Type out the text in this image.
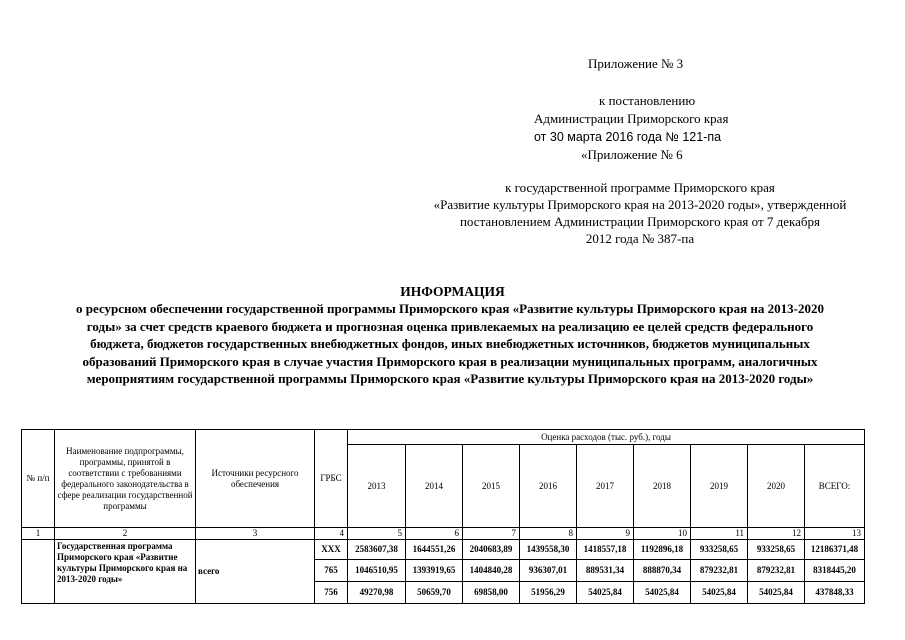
Приложение № 3
к постановлению
Администрации Приморского края
от 30 марта 2016 года № 121-па
«Приложение № 6
к государственной программе Приморского края
«Развитие культуры Приморского края на 2013-2020 годы», утвержденной
постановлением Администрации Приморского края от 7 декабря
2012 года № 387-па
ИНФОРМАЦИЯ
о ресурсном обеспечении государственной программы Приморского края «Развитие культуры Приморского края на 2013-2020
годы» за счет средств краевого бюджета и прогнозная оценка привлекаемых на реализацию ее целей средств федерального
бюджета, бюджетов государственных внебюджетных фондов, иных внебюджетных источников, бюджетов муниципальных
образований Приморского края в случае участия Приморского края в реализации муниципальных программ, аналогичных
мероприятиям государственной программы Приморского края «Развитие культуры Приморского края на 2013-2020 годы»
№ п/п	Наименование подпрограммы, программы, принятой в соответствии с требованиями федерального законодательства в сфере реализации государственной программы	Источники ресурсного обеспечения	ГРБС	Оценка расходов (тыс. руб.), годы								
				2013	2014	2015	2016	2017	2018	2019	2020	ВСЕГО:
1	2	3	4	5	6	7	8	9	10	11	12	13
	Государственная программа Приморского края «Развитие культуры Приморского края на 2013-2020 годы»	всего	ХХХ	2583607,38	1644551,26	2040683,89	1439558,30	1418557,18	1192896,18	933258,65	933258,65	12186371,48
			765	1046510,95	1393919,65	1404840,28	936307,01	889531,34	888870,34	879232,81	879232,81	8318445,20
			756	49270,98	50659,70	69858,00	51956,29	54025,84	54025,84	54025,84	54025,84	437848,33
